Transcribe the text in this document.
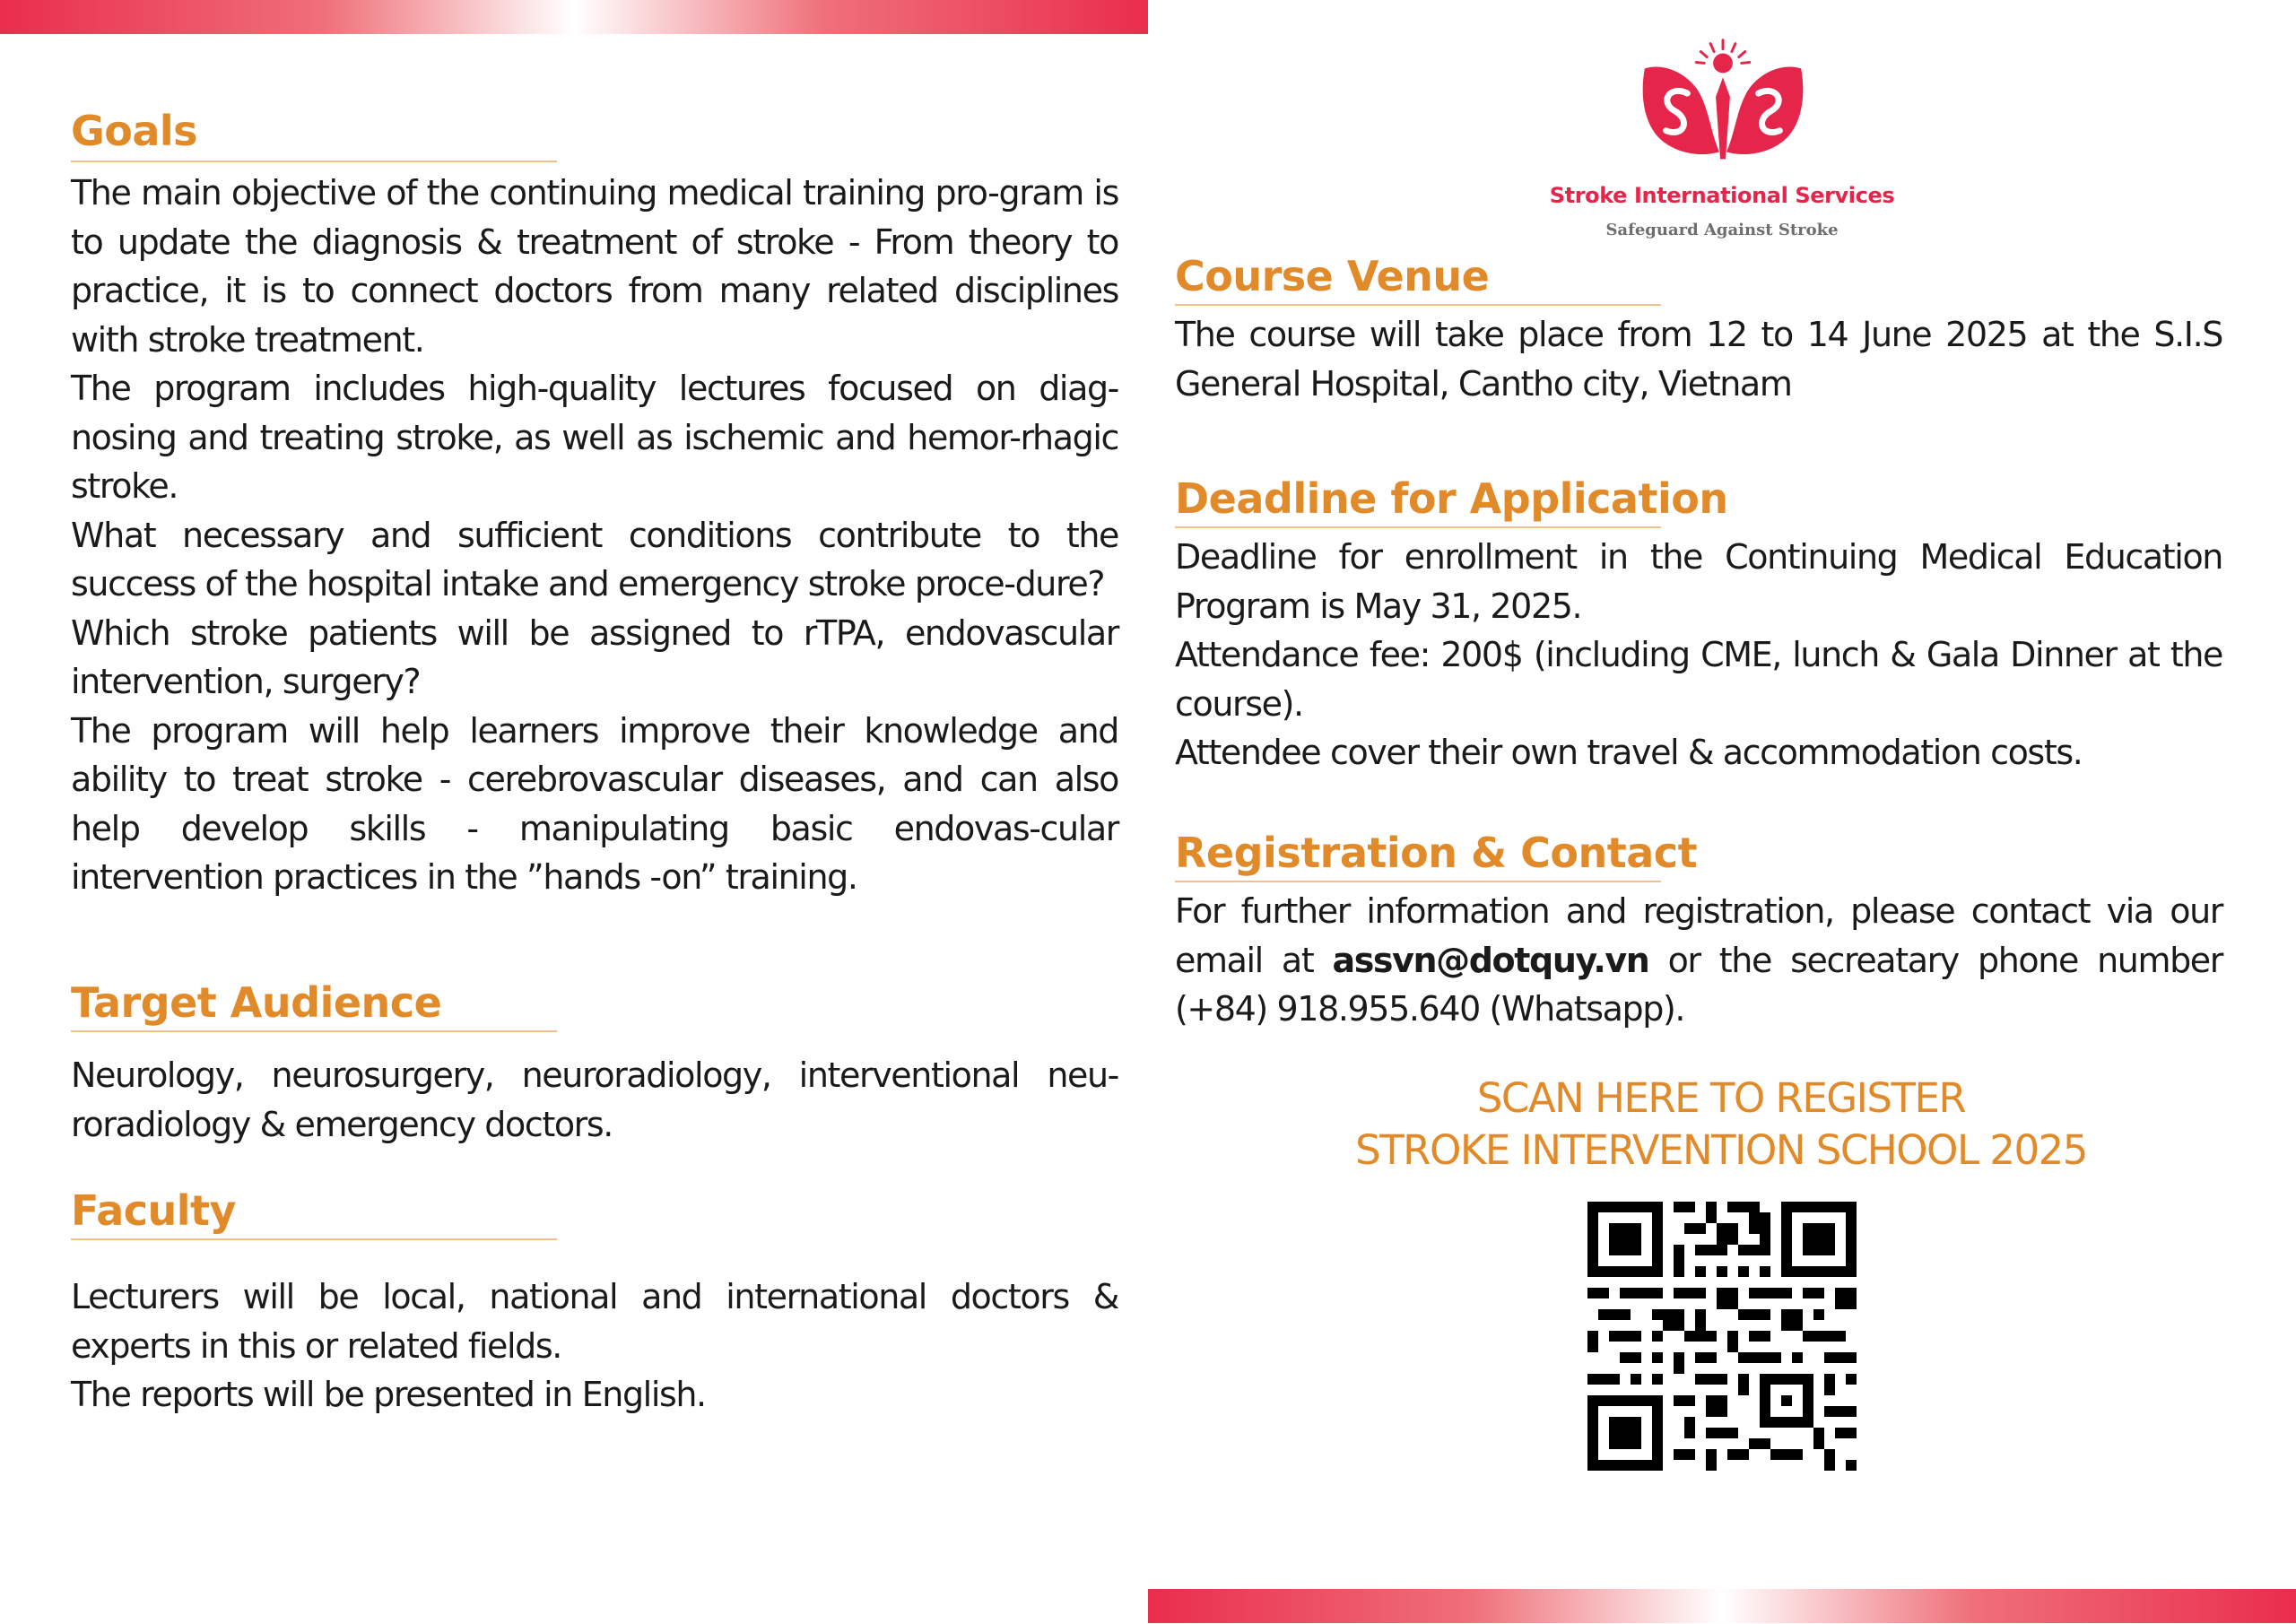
Goals

The main objective of the continuing medical training pro-gram is to update the diagnosis & treatment of stroke - From theory to practice, it is to connect doctors from many related disciplines with stroke treatment.

The program includes high-quality lectures focused on diag-nosing and treating stroke, as well as ischemic and hemor-rhagic stroke.

What necessary and sufficient conditions contribute to the success of the hospital intake and emergency stroke proce-dure?

Which stroke patients will be assigned to rTPA, endovascular intervention, surgery?

The program will help learners improve their knowledge and ability to treat stroke - cerebrovascular diseases, and can also help develop skills - manipulating basic endovas-cular intervention practices in the ”hands -on” training.

Target Audience

Neurology, neurosurgery, neuroradiology, interventional neu-roradiology & emergency doctors.

Faculty

Lecturers will be local, national and international doctors & experts in this or related fields.

The reports will be presented in English.

Stroke International Services
Safeguard Against Stroke
Course Venue

The course will take place from 12 to 14 June 2025 at the S.I.S General Hospital, Cantho city, Vietnam

Deadline for Application

Deadline for enrollment in the Continuing Medical Education Program is May 31, 2025.

Attendance fee: 200$ (including CME, lunch & Gala Dinner at the course).

Attendee cover their own travel & accommodation costs.

Registration & Contact

For further information and registration, please contact via our email at assvn@dotquy.vn or the secreatary phone number (+84) 918.955.640 (Whatsapp).

SCAN HERE TO REGISTER
STROKE INTERVENTION SCHOOL 2025
